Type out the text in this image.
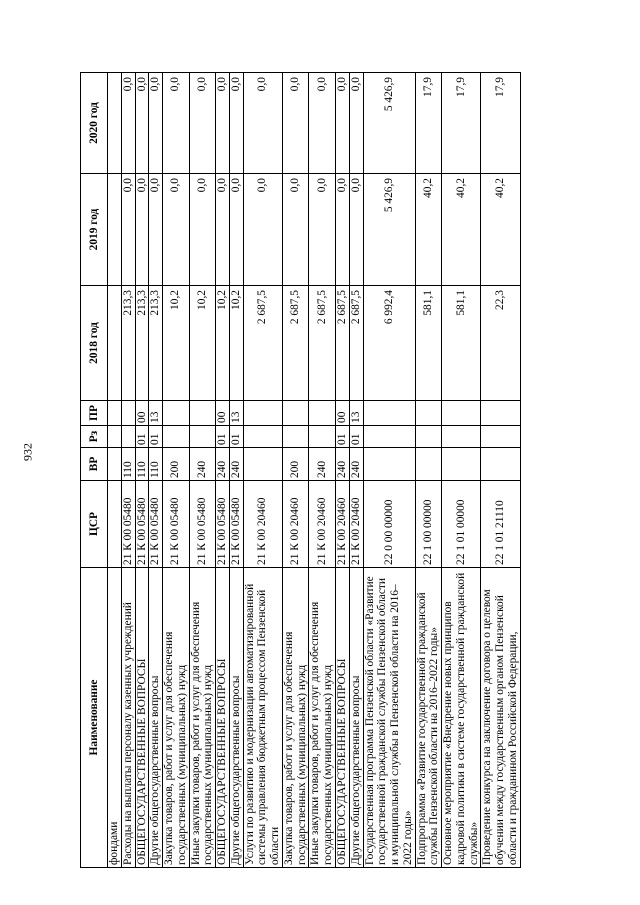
932
Наименование	ЦСР	ВР	Рз	ПР	2018 год	2019 год	2020 год
фондами							
Расходы на выплаты персоналу казенных учреждений	21 К 00 05480	110			213,3	0,0	0,0
ОБЩЕГОСУДАРСТВЕННЫЕ ВОПРОСЫ	21 К 00 05480	110	01	00	213,3	0,0	0,0
Другие общегосударственные вопросы	21 К 00 05480	110	01	13	213,3	0,0	0,0
Закупка товаров, работ и услуг для обеспечения государственных (муниципальных) нужд	21 К 00 05480	200			10,2	0,0	0,0
Иные закупки товаров, работ и услуг для обеспечения государственных (муниципальных) нужд	21 К 00 05480	240			10,2	0,0	0,0
ОБЩЕГОСУДАРСТВЕННЫЕ ВОПРОСЫ	21 К 00 05480	240	01	00	10,2	0,0	0,0
Другие общегосударственные вопросы	21 К 00 05480	240	01	13	10,2	0,0	0,0
Услуги по развитию и модернизации автоматизированной системы управления бюджетным процессом Пензенской области	21 К 00 20460				2 687,5	0,0	0,0
Закупка товаров, работ и услуг для обеспечения государственных (муниципальных) нужд	21 К 00 20460	200			2 687,5	0,0	0,0
Иные закупки товаров, работ и услуг для обеспечения государственных (муниципальных) нужд	21 К 00 20460	240			2 687,5	0,0	0,0
ОБЩЕГОСУДАРСТВЕННЫЕ ВОПРОСЫ	21 К 00 20460	240	01	00	2 687,5	0,0	0,0
Другие общегосударственные вопросы	21 К 00 20460	240	01	13	2 687,5	0,0	0,0
Государственная программа Пензенской области «Развитие государственной гражданской службы Пензенской области и муниципальной службы в Пензенской области на 2016–2022 годы»	22 0 00 00000				6 992,4	5 426,9	5 426,9
Подпрограмма «Развитие государственной гражданской службы Пензенской области на 2016–2022 годы»	22 1 00 00000				581,1	40,2	17,9
Основное мероприятие «Внедрение новых принципов кадровой политики в системе государственной гражданской службы»	22 1 01 00000				581,1	40,2	17,9
Проведение конкурса на заключение договора о целевом обучении между государственным органом Пензенской области и гражданином Российской Федерации,	22 1 01 21110				22,3	40,2	17,9
